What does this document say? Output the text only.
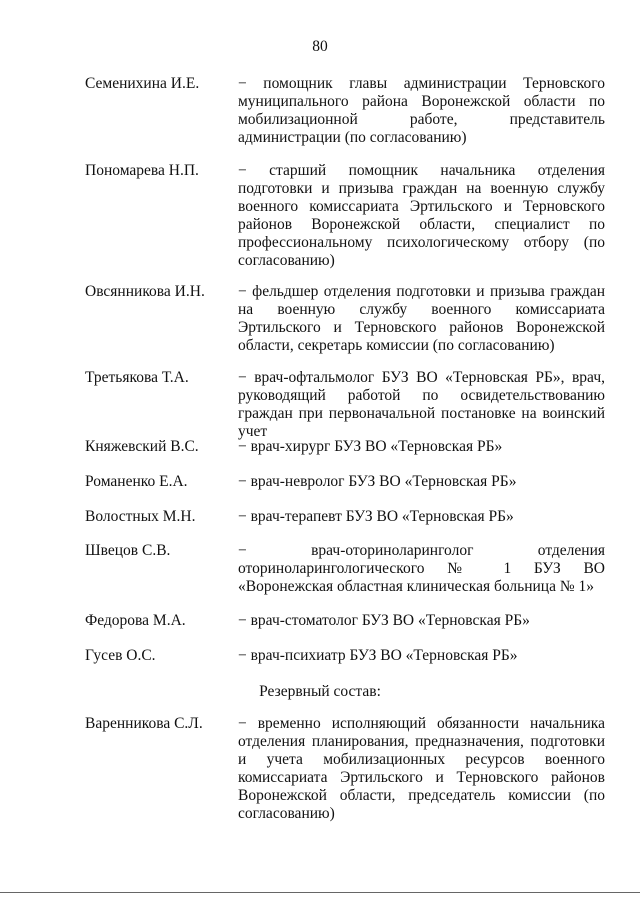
80
Семенихина И.Е.	− помощник главы администрации Терновского муниципального района Воронежской области по мобилизационной работе, представитель администрации (по согласованию)
Пономарева Н.П.	− старший помощник начальника отделения подготовки и призыва граждан на военную службу военного комиссариата Эртильского и Терновского районов Воронежской области, специалист по профессиональному психологическому отбору (по согласованию)
Овсянникова И.Н. − фельдшер отделения подготовки и призыва граждан на военную службу военного комиссариата Эртильского и Терновского районов Воронежской области, секретарь комиссии (по согласованию)
Третьякова Т.А.	− врач-офтальмолог БУЗ ВО «Терновская РБ», врач, руководящий работой по освидетельствованию граждан при первоначальной постановке на воинский учет
Княжевский В.С.	− врач-хирург БУЗ ВО «Терновская РБ»
Романенко Е.А.	− врач-невролог БУЗ ВО «Терновская РБ»
Волостных М.Н.	− врач-терапевт БУЗ ВО «Терновская РБ»
Швецов С.В.	− врач-оториноларинголог отделения оториноларингологического № 1 БУЗ ВО «Воронежская областная клиническая больница № 1»
Федорова М.А.	− врач-стоматолог БУЗ ВО «Терновская РБ»
Гусев О.С.	− врач-психиатр БУЗ ВО «Терновская РБ»
Резервный состав:
Варенникова С.Л. − временно исполняющий обязанности начальника отделения планирования, предназначения, подготовки и учета мобилизационных ресурсов военного комиссариата Эртильского и Терновского районов Воронежской области, председатель комиссии (по согласованию)
